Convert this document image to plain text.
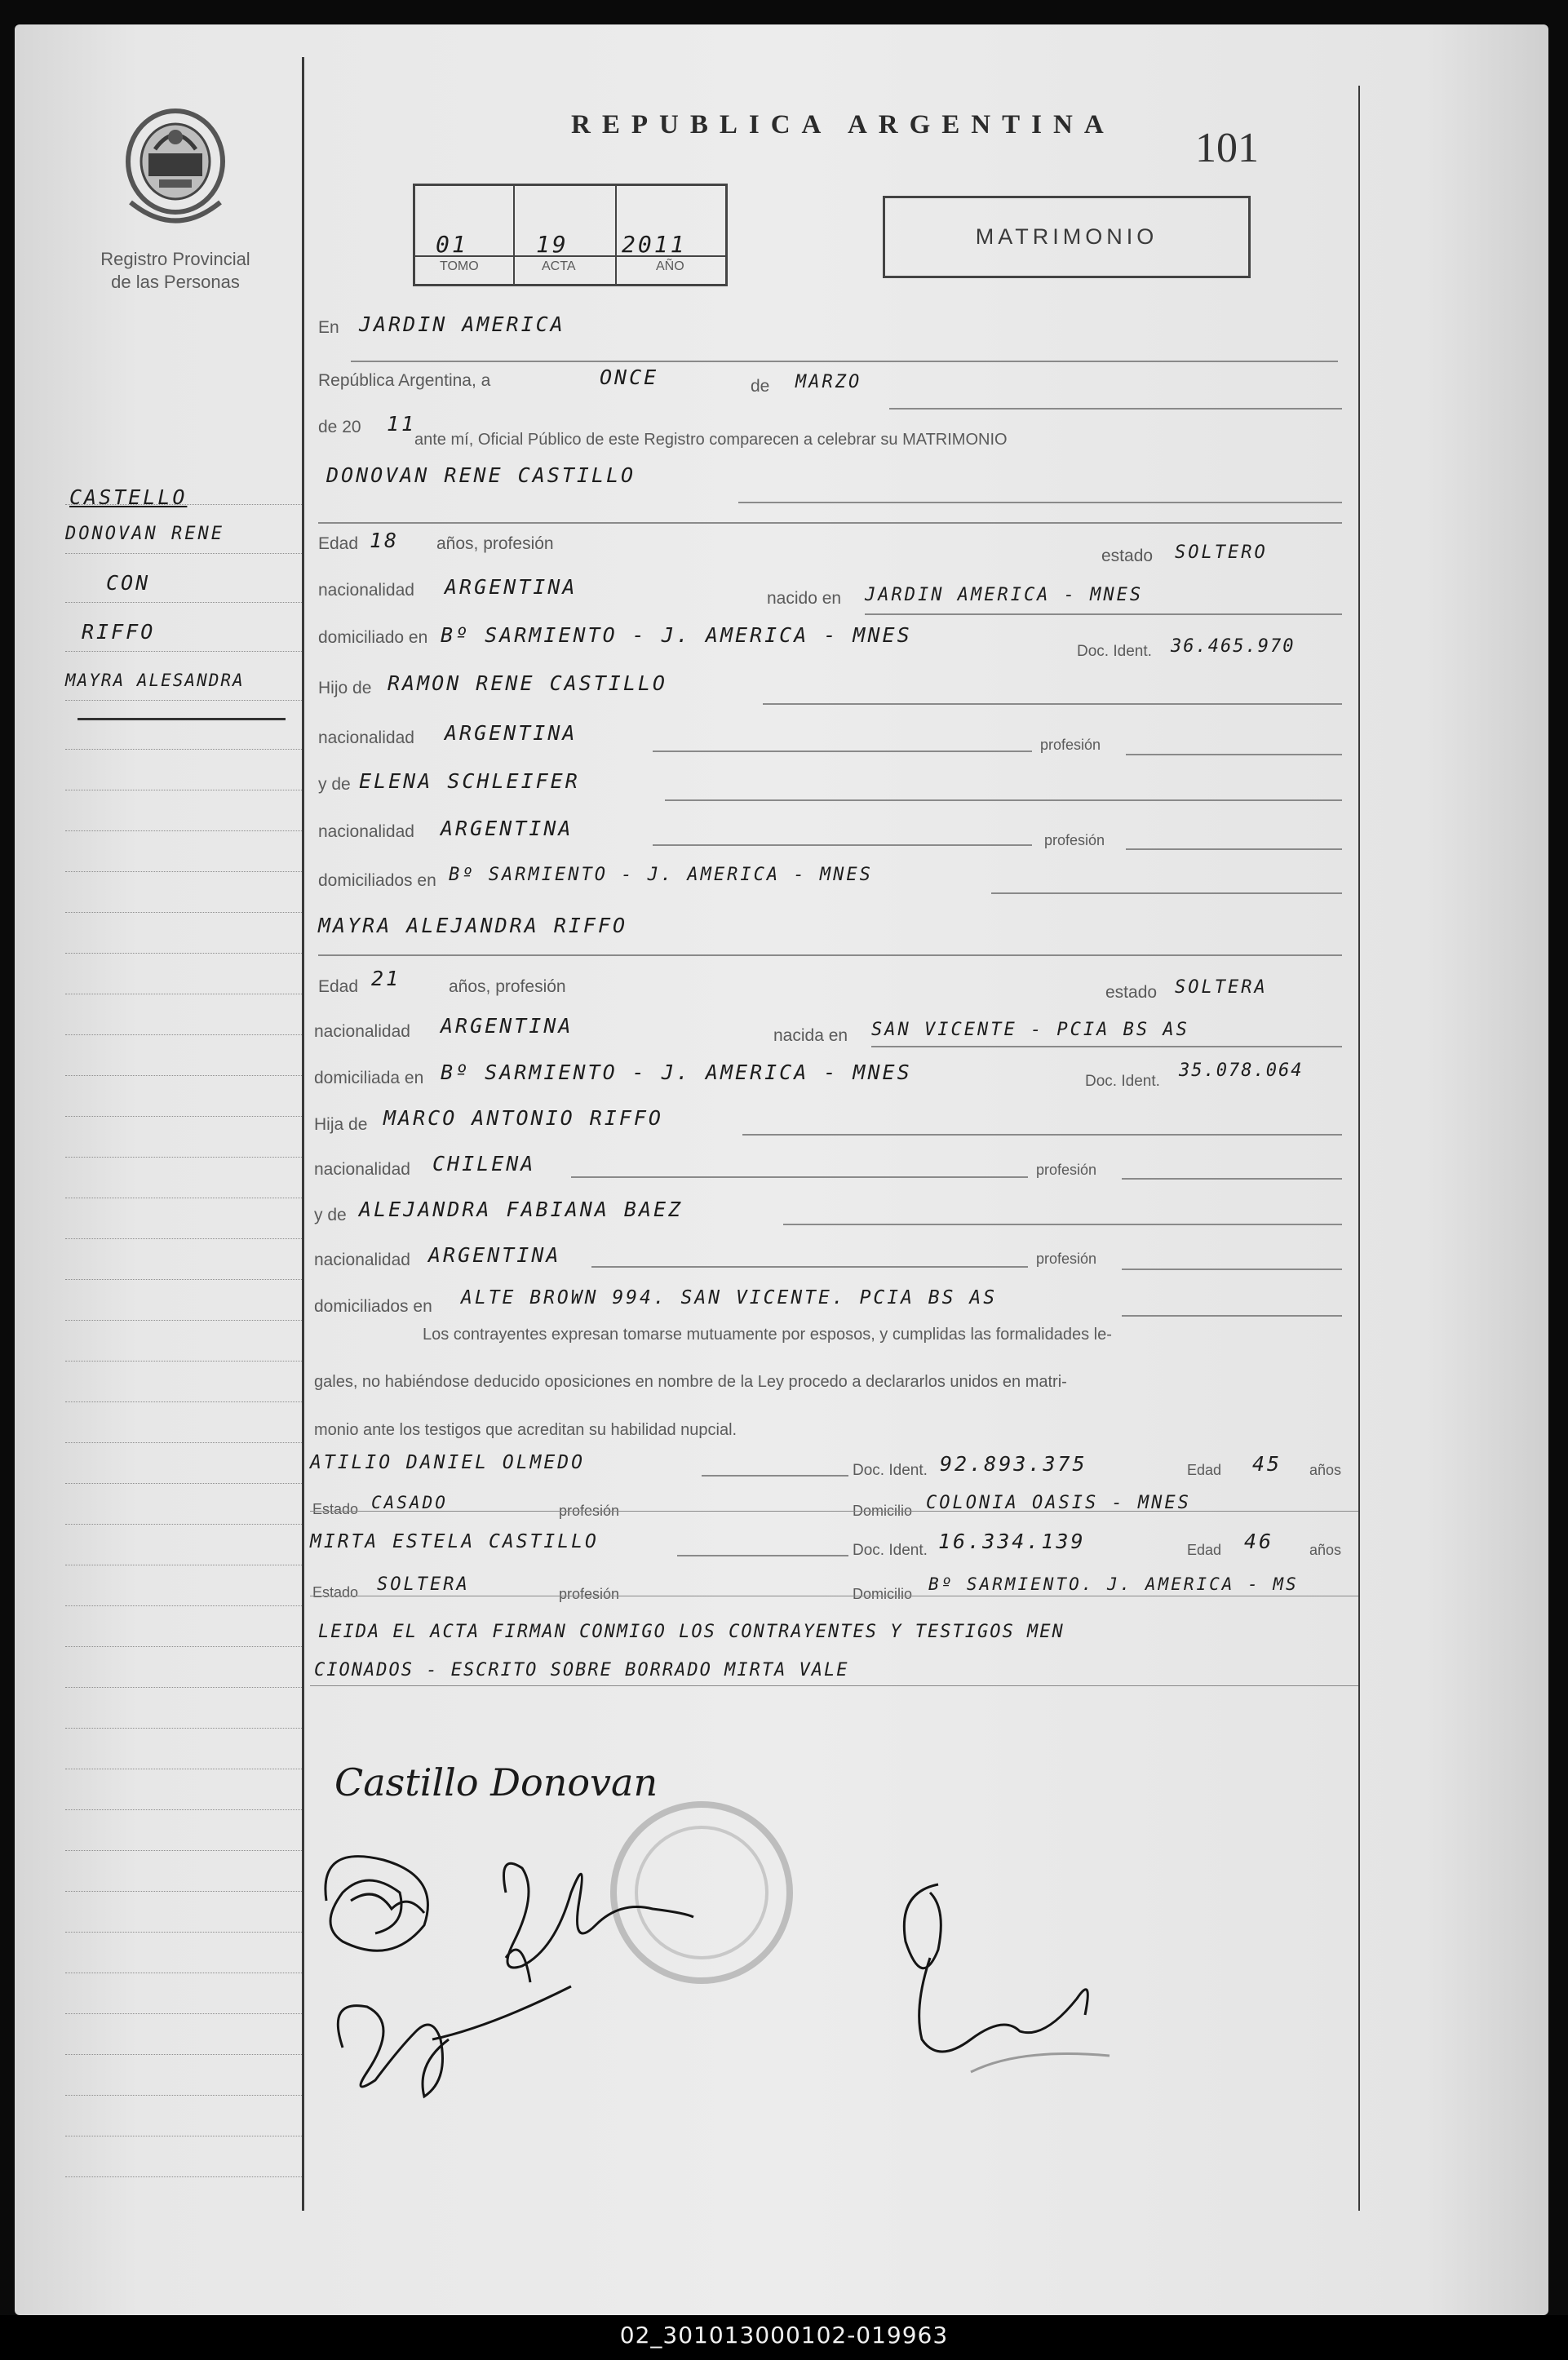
Registro Provincial
de las Personas
REPUBLICA ARGENTINA 101
01
TOMO
19
ACTA
2011
AÑO
MATRIMONIO
CASTELLO
DONOVAN RENE
CON
RIFFO
MAYRA ALESANDRA
En JARDIN AMERICA
República Argentina, a	ONCE	de MARZO
de 20 11
ante mí, Oficial Público de este Registro comparecen a celebrar su MATRIMONIO
DONOVAN RENE CASTILLO
Edad 18 años, profesión
estado SOLTERO
nacionalidad ARGENTINA	nacido en JARDIN AMERICA - MNES
domiciliado en Bº SARMIENTO - J. AMERICA - MNES
Doc. Ident. 36.465.970
Hijo de RAMON RENE CASTILLO
nacionalidad ARGENTINA	profesión
y de ELENA SCHLEIFER
nacionalidad ARGENTINA	profesión
domiciliados en Bº SARMIENTO - J. AMERICA - MNES
MAYRA ALEJANDRA RIFFO
Edad 21	años, profesión	estado SOLTERA
nacionalidad ARGENTINA	nacida en SAN VICENTE - PCIA BS AS
domiciliada en Bº SARMIENTO - J. AMERICA - MNES	Doc. Ident.
35.078.064
Hija de MARCO ANTONIO RIFFO
nacionalidad CHILENA	profesión
y de ALEJANDRA FABIANA BAEZ
nacionalidad ARGENTINA	profesión
domiciliados en ALTE BROWN 994. SAN VICENTE. PCIA BS AS
Los contrayentes expresan tomarse mutuamente por esposos, y cumplidas las formalidades le-
gales, no habiéndose deducido oposiciones en nombre de la Ley procedo a declararlos unidos en matri-
monio ante los testigos que acreditan su habilidad nupcial.
ATILIO DANIEL OLMEDO	Doc. Ident. 92.893.375	Edad 45 años
Estado CASADO	profesión	Domicilio COLONIA OASIS - MNES
MIRTA ESTELA CASTILLO	Doc. Ident. 16.334.139	Edad 46 años
Estado SOLTERA	profesión	Domicilio Bº SARMIENTO. J. AMERICA - MS
LEIDA EL ACTA FIRMAN CONMIGO LOS CONTRAYENTES Y TESTIGOS MEN
CIONADOS - ESCRITO SOBRE BORRADO MIRTA VALE
Castillo Donovan
02_301013000102-019963
